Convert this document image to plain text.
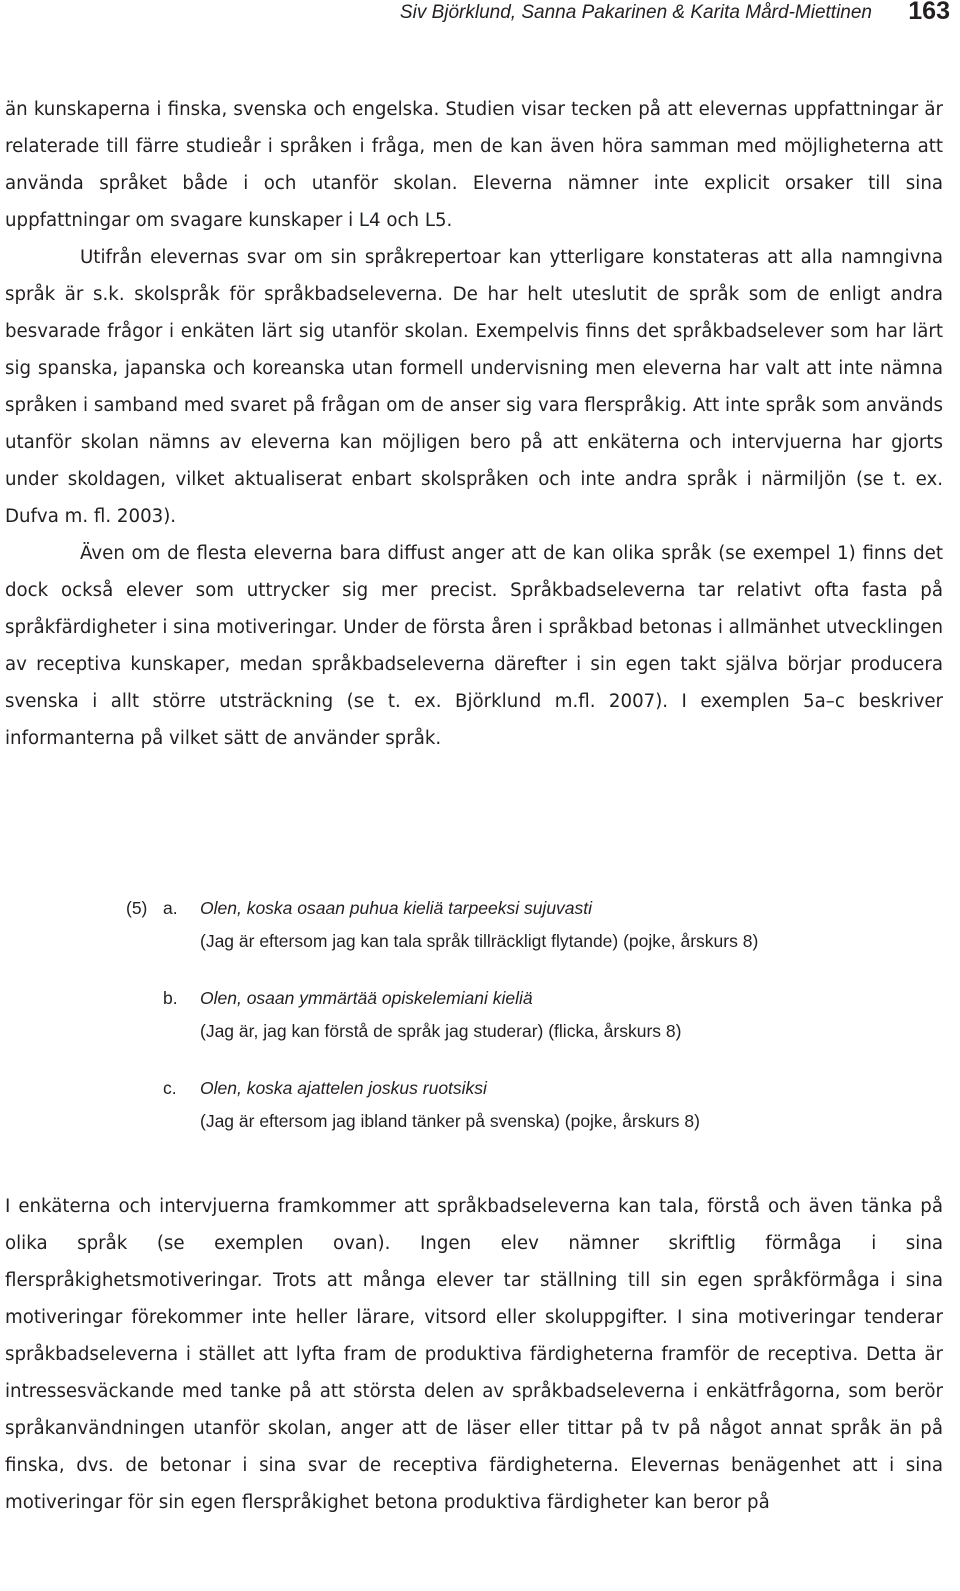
Siv Björklund, Sanna Pakarinen & Karita Mård-Miettinen 163

än kunskaperna i finska, svenska och engelska. Studien visar tecken på att elevernas uppfattningar är relaterade till färre studieår i språken i fråga, men de kan även höra samman med möjligheterna att använda språket både i och utanför skolan. Eleverna nämner inte explicit orsaker till sina uppfattningar om svagare kunskaper i L4 och L5.

Utifrån elevernas svar om sin språkrepertoar kan ytterligare konstateras att alla namngivna språk är s.k. skolspråk för språkbadseleverna. De har helt uteslutit de språk som de enligt andra besvarade frågor i enkäten lärt sig utanför skolan. Exempelvis finns det språkbadselever som har lärt sig spanska, japanska och koreanska utan formell undervisning men eleverna har valt att inte nämna språken i samband med svaret på frågan om de anser sig vara flerspråkig. Att inte språk som används utanför skolan nämns av eleverna kan möjligen bero på att enkäterna och intervjuerna har gjorts under skoldagen, vilket aktualiserat enbart skolspråken och inte andra språk i närmiljön (se t. ex. Dufva m. fl. 2003).

Även om de flesta eleverna bara diffust anger att de kan olika språk (se exempel 1) finns det dock också elever som uttrycker sig mer precist. Språkbadseleverna tar relativt ofta fasta på språkfärdigheter i sina motiveringar. Under de första åren i språkbad betonas i allmänhet utvecklingen av receptiva kunskaper, medan språkbadseleverna därefter i sin egen takt själva börjar producera svenska i allt större utsträckning (se t. ex. Björklund m.fl. 2007). I exemplen 5a–c beskriver informanterna på vilket sätt de använder språk.

(5) a.	Olen, koska osaan puhua kieliä tarpeeksi sujuvasti
(Jag är eftersom jag kan tala språk tillräckligt flytande) (pojke, årskurs 8)
b.	Olen, osaan ymmärtää opiskelemiani kieliä
(Jag är, jag kan förstå de språk jag studerar) (flicka, årskurs 8)
c.	Olen, koska ajattelen joskus ruotsiksi
(Jag är eftersom jag ibland tänker på svenska) (pojke, årskurs 8)

I enkäterna och intervjuerna framkommer att språkbadseleverna kan tala, förstå och även tänka på olika språk (se exemplen ovan). Ingen elev nämner skriftlig förmåga i sina flerspråkighetsmotiveringar. Trots att många elever tar ställning till sin egen språkförmåga i sina motiveringar förekommer inte heller lärare, vitsord eller skoluppgifter. I sina motiveringar tenderar språkbadseleverna i stället att lyfta fram de produktiva färdigheterna framför de receptiva. Detta är intressesväckande med tanke på att största delen av språkbadseleverna i enkätfrågorna, som berör språkanvändningen utanför skolan, anger att de läser eller tittar på tv på något annat språk än på finska, dvs. de betonar i sina svar de receptiva färdigheterna. Elevernas benägenhet att i sina motiveringar för sin egen flerspråkighet betona produktiva färdigheter kan beror på
